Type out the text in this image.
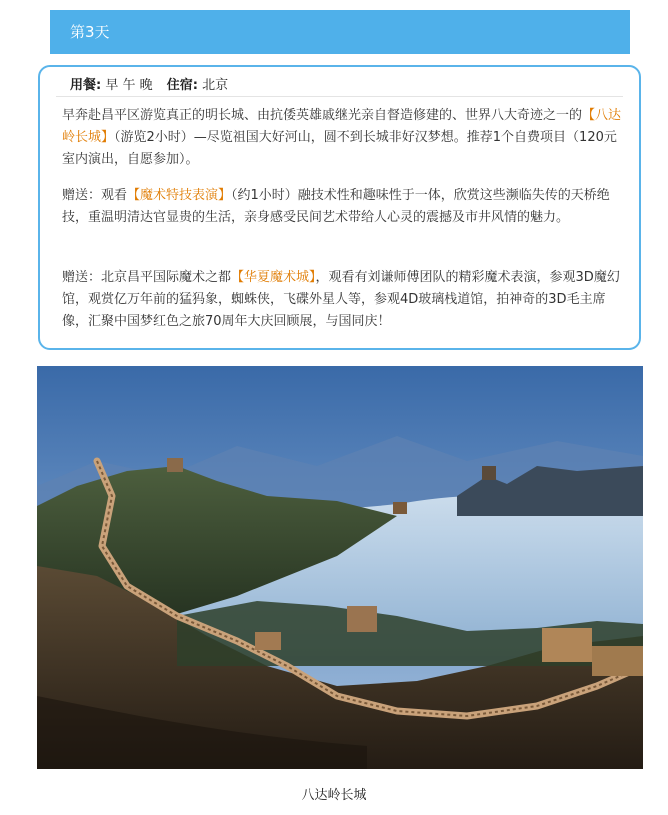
第3天
用餐: 早 午 晚 住宿: 北京

早奔赴昌平区游览真正的明长城、由抗倭英雄戚继光亲自督造修建的、世界八大奇迹之一的【八达岭长城】（游览2小时）—尽览祖国大好河山，圆不到长城非好汉梦想。推荐1个自费项目（120元室内演出，自愿参加）。

赠送：观看【魔术特技表演】（约1小时）融技术性和趣味性于一体，欣赏这些濒临失传的天桥绝技，重温明清达官显贵的生活，亲身感受民间艺术带给人心灵的震撼及市井风情的魅力。

赠送：北京昌平国际魔术之都【华夏魔术城】，观看有刘谦师傅团队的精彩魔术表演，参观3D魔幻馆，观赏亿万年前的猛犸象，蜘蛛侠，飞碟外星人等，参观4D玻璃栈道馆，拍神奇的3D毛主席像，汇聚中国梦红色之旅70周年大庆回顾展，与国同庆！

八达岭长城
